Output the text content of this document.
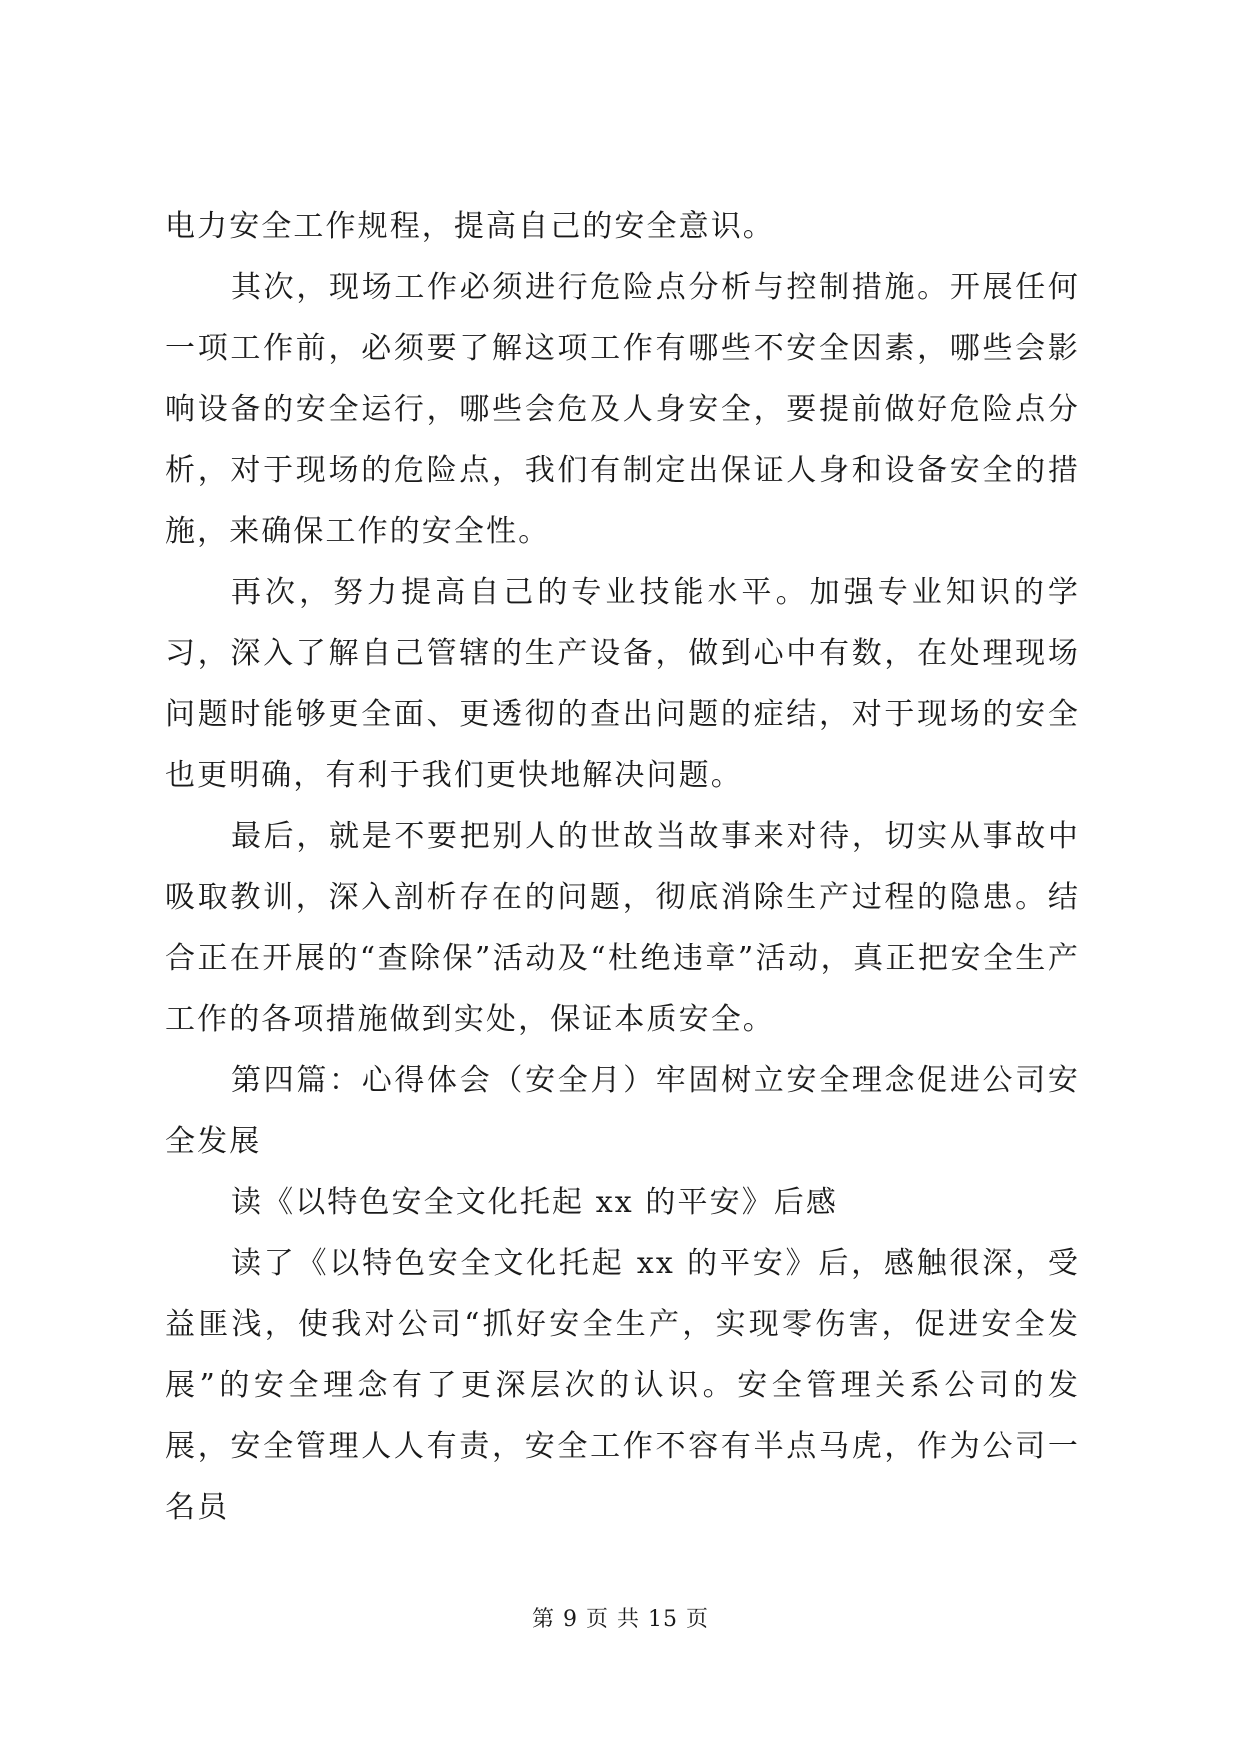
电力安全工作规程，提高自己的安全意识。

其次，现场工作必须进行危险点分析与控制措施。开展任何一项工作前，必须要了解这项工作有哪些不安全因素，哪些会影响设备的安全运行，哪些会危及人身安全，要提前做好危险点分析，对于现场的危险点，我们有制定出保证人身和设备安全的措施，来确保工作的安全性。

再次，努力提高自己的专业技能水平。加强专业知识的学习，深入了解自己管辖的生产设备，做到心中有数，在处理现场问题时能够更全面、更透彻的查出问题的症结，对于现场的安全也更明确，有利于我们更快地解决问题。

最后，就是不要把别人的世故当故事来对待，切实从事故中吸取教训，深入剖析存在的问题，彻底消除生产过程的隐患。结合正在开展的“查除保”活动及“杜绝违章”活动，真正把安全生产工作的各项措施做到实处，保证本质安全。

第四篇：心得体会（安全月）牢固树立安全理念促进公司安全发展

读《以特色安全文化托起 xx 的平安》后感

读了《以特色安全文化托起 xx 的平安》后，感触很深，受益匪浅，使我对公司“抓好安全生产，实现零伤害，促进安全发展”的安全理念有了更深层次的认识。安全管理关系公司的发展，安全管理人人有责，安全工作不容有半点马虎，作为公司一名员

第 9 页 共 15 页
